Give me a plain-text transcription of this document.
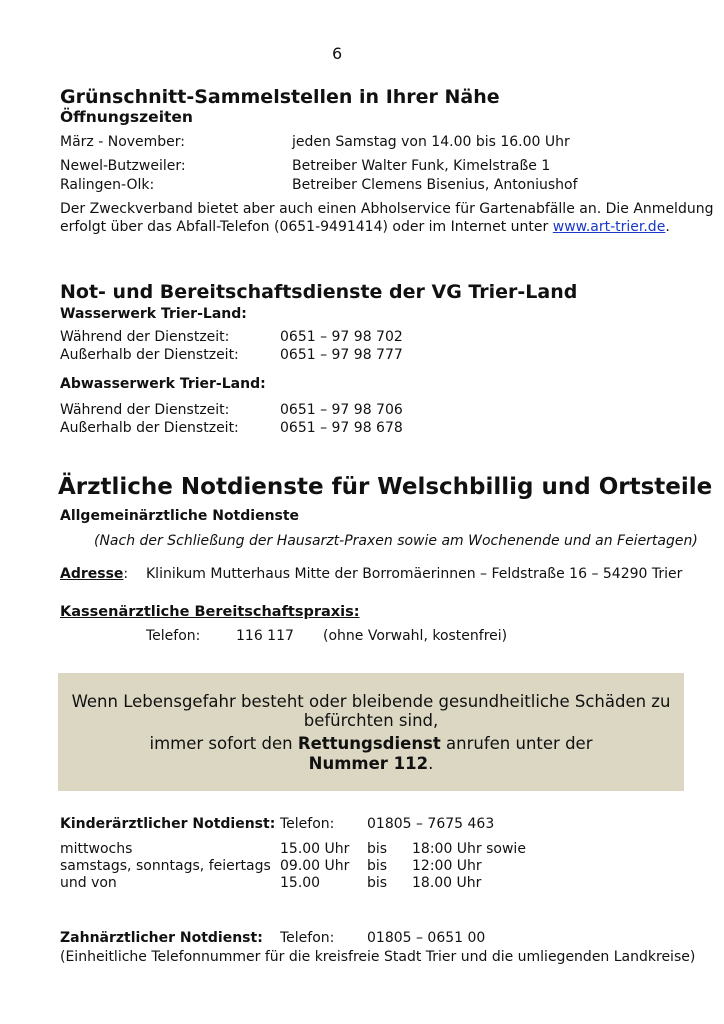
6
Grünschnitt-Sammelstellen in Ihrer Nähe
Öffnungszeiten
März - November:	jeden Samstag von 14.00 bis 16.00 Uhr
Newel-Butzweiler:	Betreiber Walter Funk, Kimelstraße 1
Ralingen-Olk:	Betreiber Clemens Bisenius, Antoniushof
Der Zweckverband bietet aber auch einen Abholservice für Gartenabfälle an. Die Anmeldung
erfolgt über das Abfall-Telefon (0651-9491414) oder im Internet unter www.art-trier.de.
Not- und Bereitschaftsdienste der VG Trier-Land
Wasserwerk Trier-Land:
Während der Dienstzeit:	0651 – 97 98 702
Außerhalb der Dienstzeit:	0651 – 97 98 777
Abwasserwerk Trier-Land:
Während der Dienstzeit:	0651 – 97 98 706
Außerhalb der Dienstzeit:	0651 – 97 98 678
Ärztliche Notdienste für Welschbillig und Ortsteile
Allgemeinärztliche Notdienste
(Nach der Schließung der Hausarzt-Praxen sowie am Wochenende und an Feiertagen)
Adresse: Klinikum Mutterhaus Mitte der Borromäerinnen – Feldstraße 16 – 54290 Trier
Kassenärztliche Bereitschaftspraxis:
Telefon:	116 117 (ohne Vorwahl, kostenfrei)
Wenn Lebensgefahr besteht oder bleibende gesundheitliche Schäden zu
befürchten sind,
immer sofort den Rettungsdienst anrufen unter der
Nummer 112.
Kinderärztlicher Notdienst: Telefon: 01805 – 7675 463
mittwochs	15.00 Uhr bis 18:00 Uhr sowie
samstags, sonntags, feiertags 09.00 Uhr bis 12:00 Uhr
und von	15.00	bis 18.00 Uhr
Zahnärztlicher Notdienst: Telefon: 01805 – 0651 00
(Einheitliche Telefonnummer für die kreisfreie Stadt Trier und die umliegenden Landkreise)
